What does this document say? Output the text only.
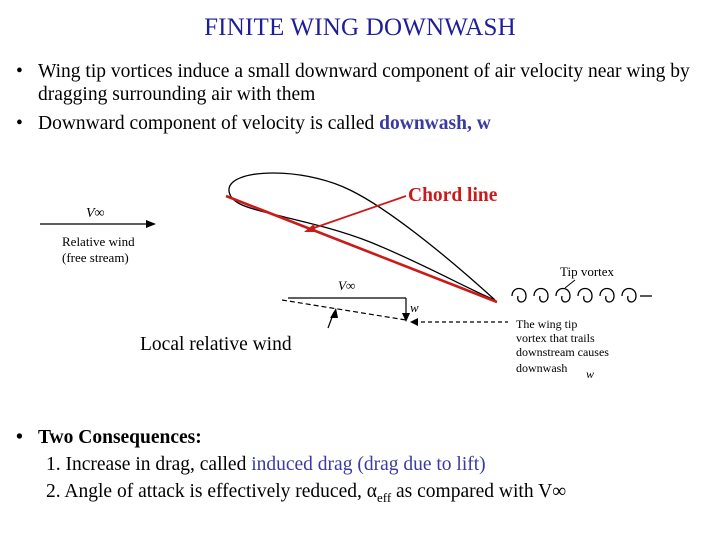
FINITE WING DOWNWASH
• Wing tip vortices induce a small downward component of air velocity near wing by dragging surrounding air with them
• Downward component of velocity is called downwash, w
V∞
Relative wind
(free stream)
V∞
w
Tip vortex
The wing tip
vortex that trails
downstream causes
downwash w
Chord line
Local relative wind
• Two Consequences:
1. Increase in drag, called induced drag (drag due to lift)
2. Angle of attack is effectively reduced, $\alpha_{eff}$ as compared with V∞
